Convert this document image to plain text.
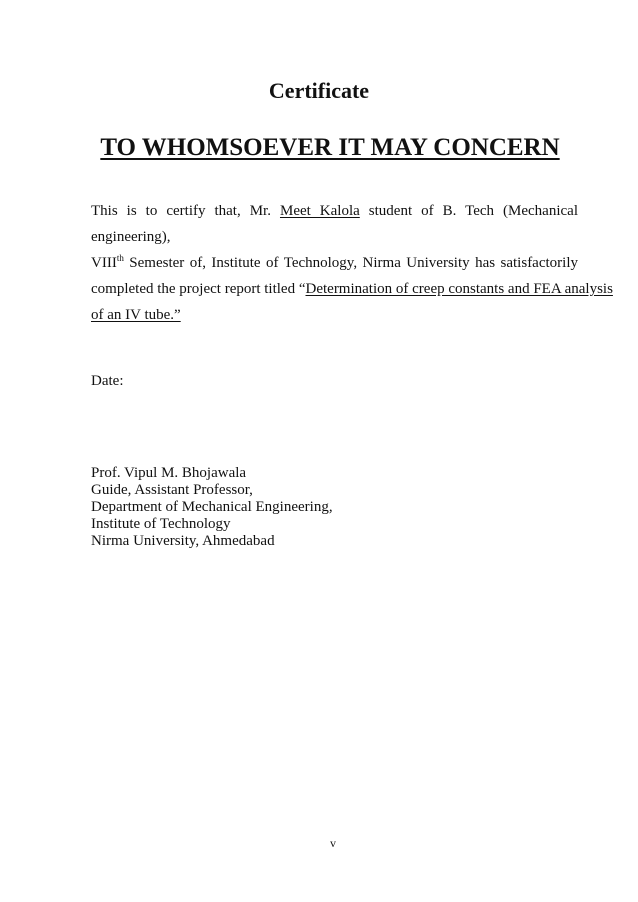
Certificate
TO WHOMSOEVER IT MAY CONCERN
This is to certify that, Mr. Meet Kalola student of B. Tech (Mechanical engineering),
VIIIth Semester of, Institute of Technology, Nirma University has satisfactorily
completed the project report titled “Determination of creep constants and FEA analysis
of an IV tube.”
Date:
Prof. Vipul M. Bhojawala
Guide, Assistant Professor,
Department of Mechanical Engineering,
Institute of Technology
Nirma University, Ahmedabad
v
